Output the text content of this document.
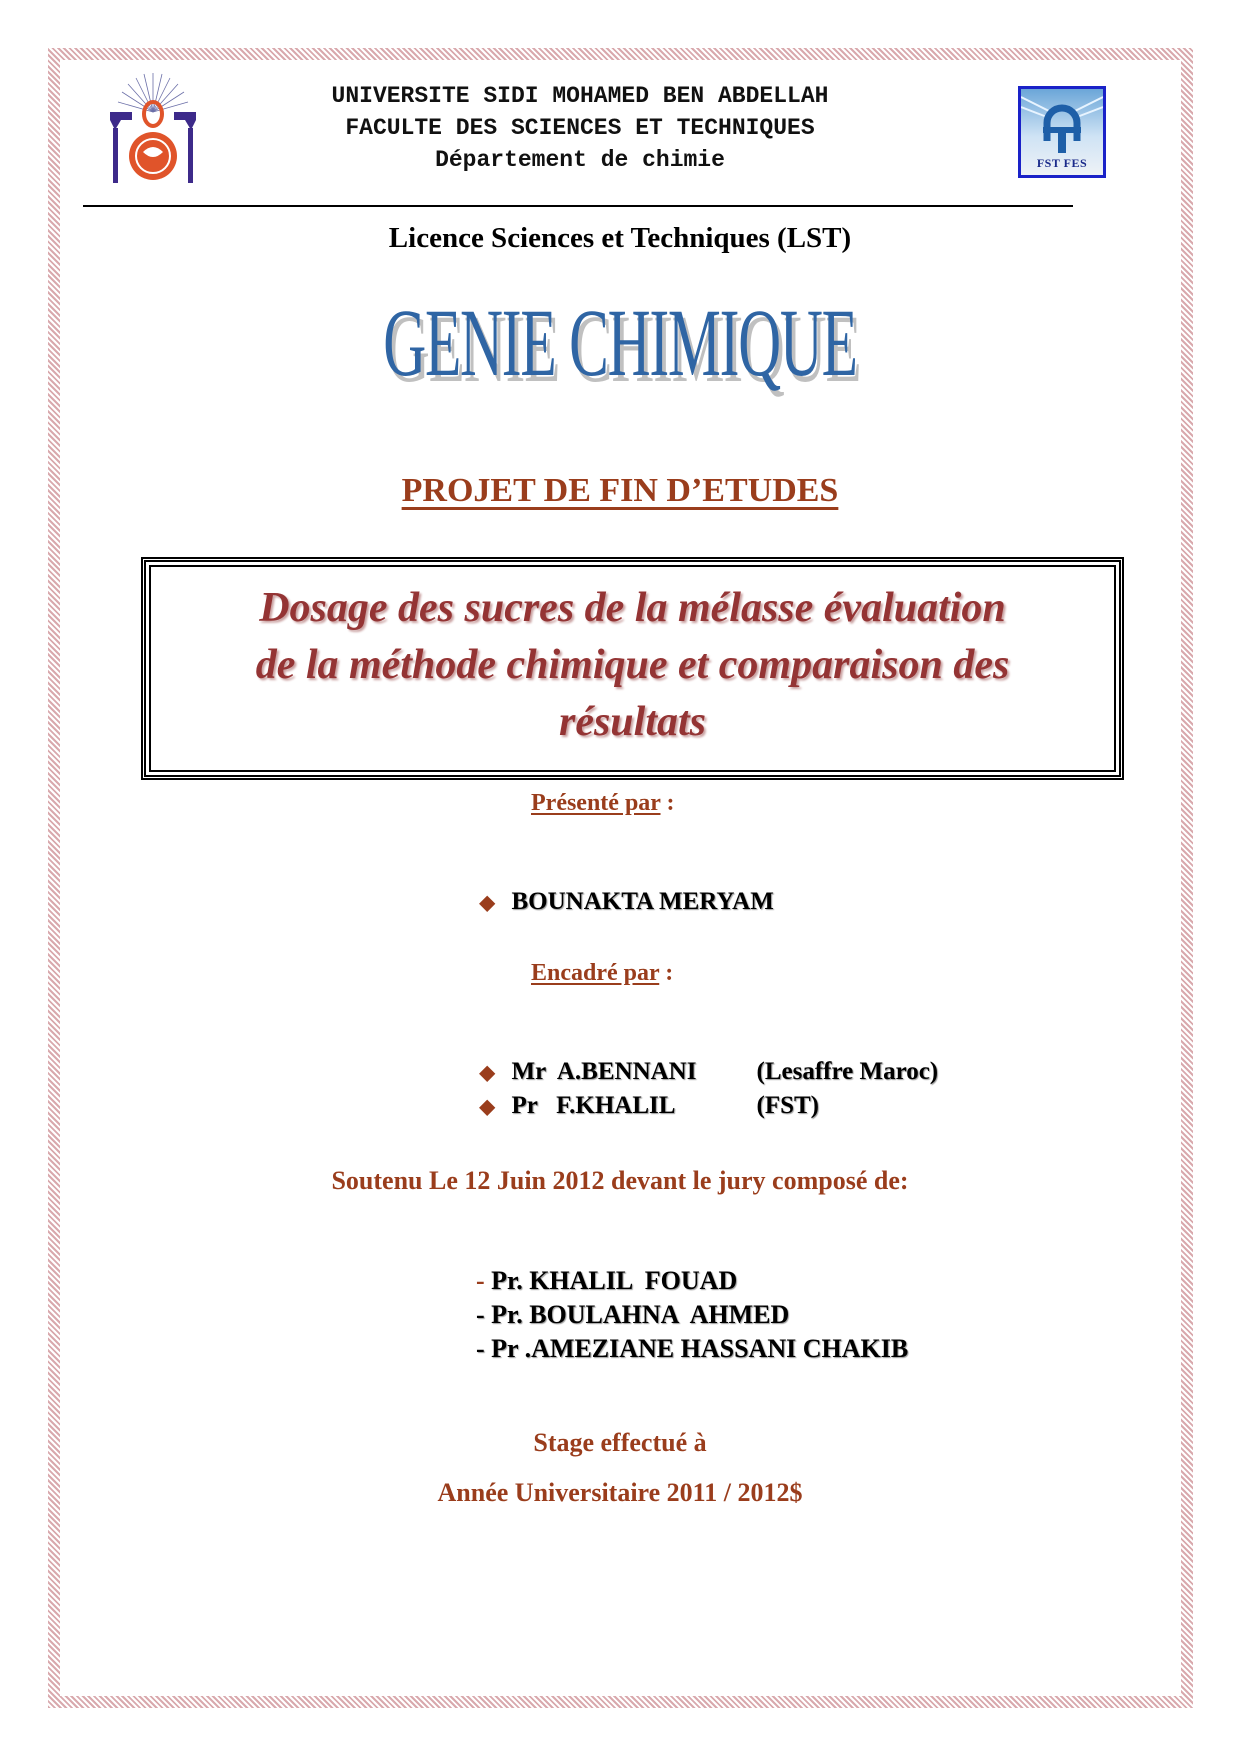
UNIVERSITE SIDI MOHAMED BEN ABDELLAH
FACULTE DES SCIENCES ET TECHNIQUES
Département de chimie	FST FES
Licence Sciences et Techniques (LST)
GENIE CHIMIQUE
PROJET DE FIN D’ETUDES
Dosage des sucres de la mélasse évaluation
de la méthode chimique et comparaison des
résultats
Présenté par :

◆ BOUNAKTA MERYAM

Encadré par :

◆ Mr  A.BENNANI (Lesaffre Maroc)

◆ Pr   F.KHALIL	(FST)

Soutenu Le 12 Juin 2012 devant le jury composé de:

- Pr. KHALIL  FOUAD

- Pr. BOULAHNA  AHMED

- Pr .AMEZIANE HASSANI CHAKIB

Stage effectué à
Année Universitaire 2011 / 2012$
